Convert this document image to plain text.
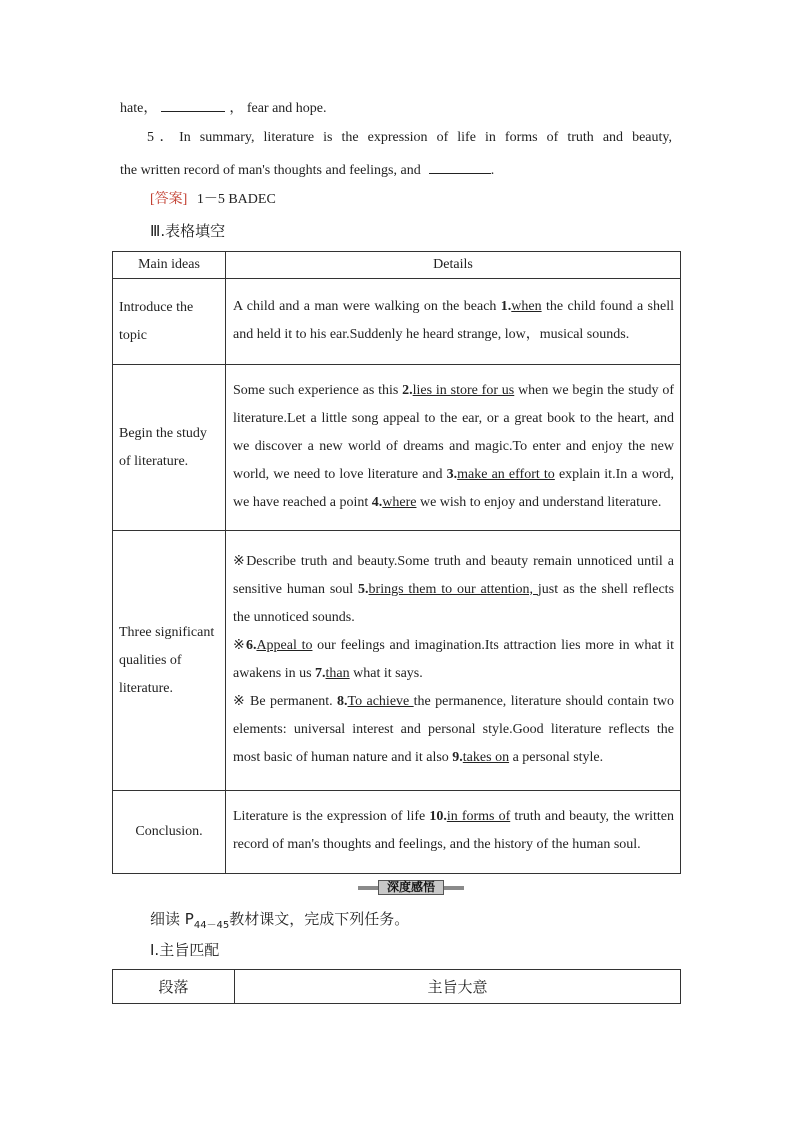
hate，	， fear and hope.
5．In summary, literature is the expression of life in forms of truth and beauty,
the written record of man's thoughts and feelings, and	.
[答案] 1－5 BADEC
Ⅲ.表格填空
Main ideas	Details
Introduce the topic	A child and a man were walking on the beach 1.when the child found a shell and held it to his ear.Suddenly he heard strange, low，musical sounds.
Begin the study of literature.	Some such experience as this 2.lies in store for us when we begin the study of literature.Let a little song appeal to the ear, or a great book to the heart, and we discover a new world of dreams and magic.To enter and enjoy the new world, we need to love literature and 3.make an effort to explain it.In a word, we have reached a point 4.where we wish to enjoy and understand literature.
Three significant qualities of literature.	※Describe truth and beauty.Some truth and beauty remain unnoticed until a sensitive human soul 5.brings them to our attention, just as the shell reflects the unnoticed sounds.
※6.Appeal to our feelings and imagination.Its attraction lies more in what it awakens in us 7.than what it says.
※ Be permanent. 8.To achieve the permanence, literature should contain two elements: universal interest and personal style.Good literature reflects the most basic of human nature and it also 9.takes on a personal style.

Conclusion.	Literature is the expression of life 10.in forms of truth and beauty, the written record of man's thoughts and feelings, and the history of the human soul.
深度感悟
细读 $P_{44-45}$教材课文，完成下列任务。
Ⅰ.主旨匹配
段落	主旨大意
